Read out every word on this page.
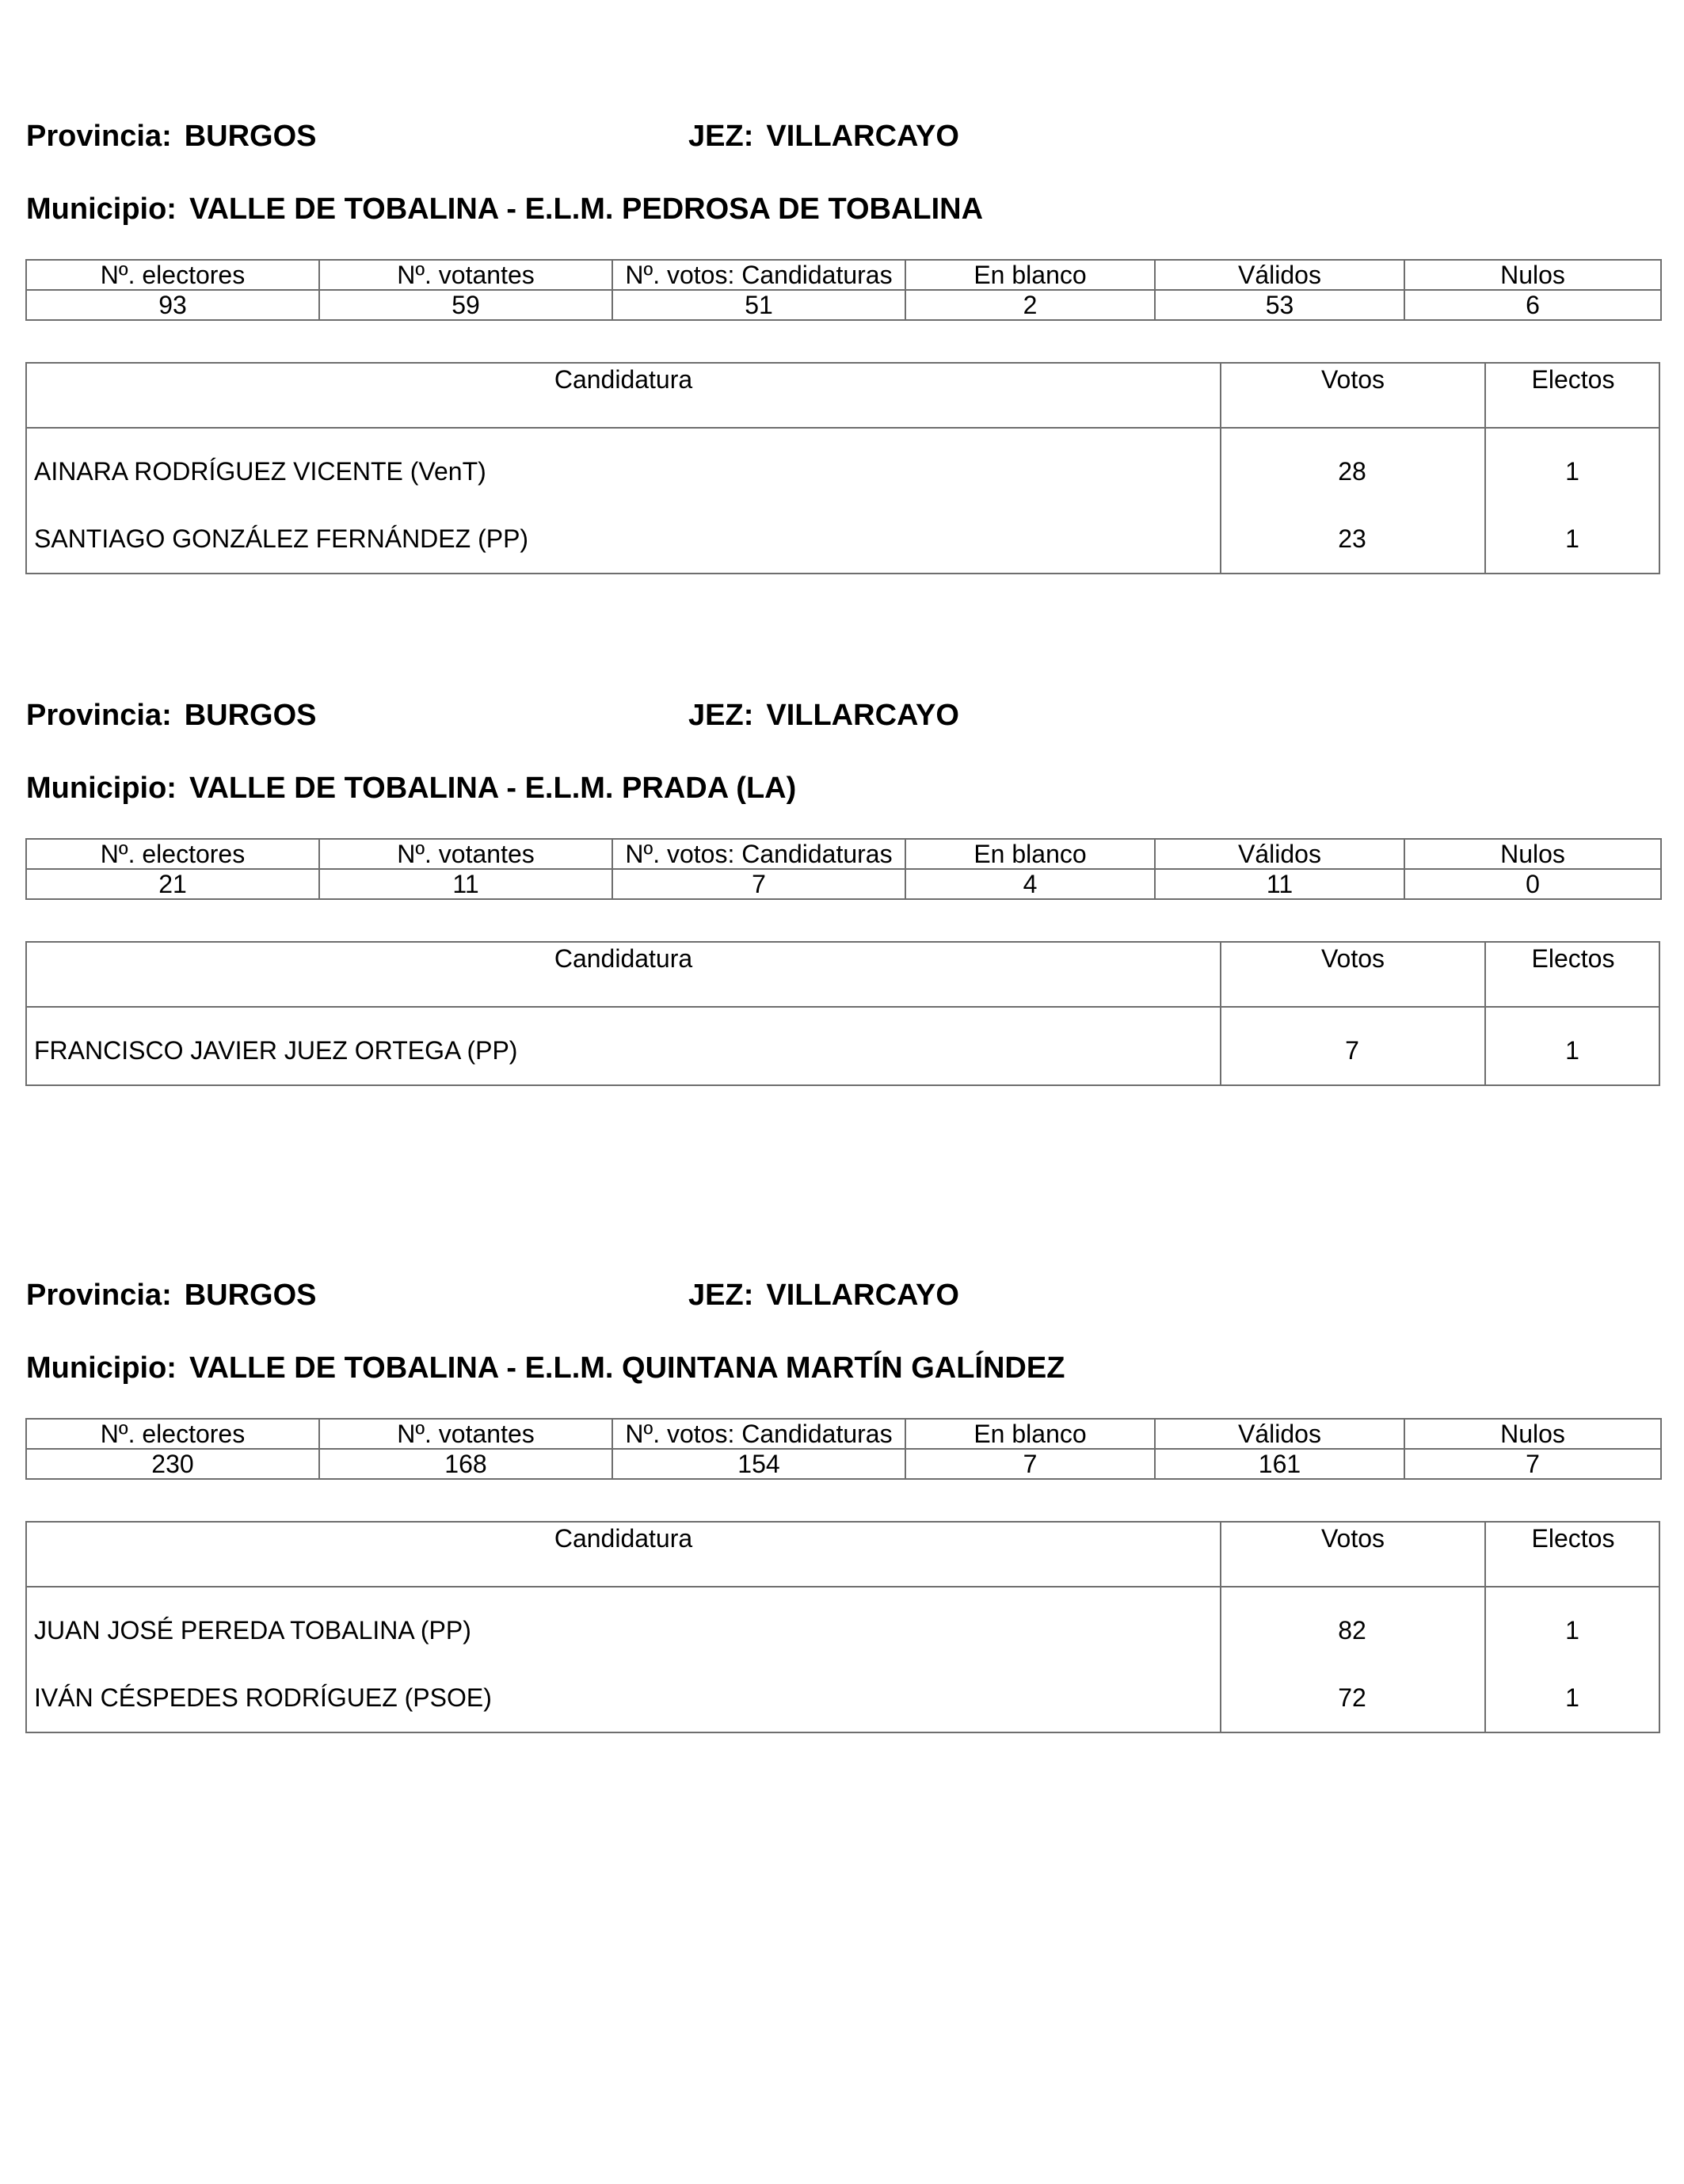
Provincia: BURGOS	JEZ: VILLARCAYO
Municipio: VALLE DE TOBALINA - E.L.M. PEDROSA DE TOBALINA
Nº. electores	Nº. votantes	Nº. votos: Candidaturas	En blanco	Válidos	Nulos
93	59	51	2	53	6
Candidatura	Votos	Electos
AINARA RODRÍGUEZ VICENTE (VenT)	28	1
SANTIAGO GONZÁLEZ FERNÁNDEZ (PP)	23	1
Provincia: BURGOS	JEZ: VILLARCAYO
Municipio: VALLE DE TOBALINA - E.L.M. PRADA (LA)
Nº. electores	Nº. votantes	Nº. votos: Candidaturas	En blanco	Válidos	Nulos
21	11	7	4	11	0
Candidatura	Votos	Electos
FRANCISCO JAVIER JUEZ ORTEGA (PP)	7	1
Provincia: BURGOS	JEZ: VILLARCAYO
Municipio: VALLE DE TOBALINA - E.L.M. QUINTANA MARTÍN GALÍNDEZ
Nº. electores	Nº. votantes	Nº. votos: Candidaturas	En blanco	Válidos	Nulos
230	168	154	7	161	7
Candidatura	Votos	Electos
JUAN JOSÉ PEREDA TOBALINA (PP)	82	1
IVÁN CÉSPEDES RODRÍGUEZ (PSOE)	72	1
